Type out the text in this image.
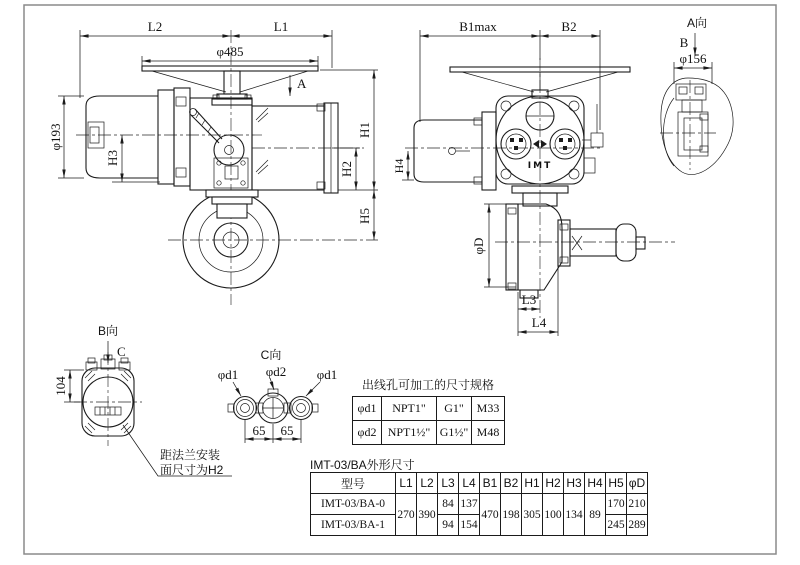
L2	L1
φ485
φ193
H3
H1
H2
H5
A
IMT
B1max	B2
H4
φD
L3
L4
A向
B
φ156
B向
C
104
距法兰安装
面尺寸为H2
C向
φd2
φd1	φd1
65 65
出线孔可加工的尺寸规格
φd1	NPT1"	G1"	M33
φd2	NPT1½"	G1½"	M48
IMT-03/BA外形尺寸
型号	L1	L2	L3	L4	B1	B2	H1	H2	H3	H4	H5	φD
IMT-03/BA-0	270	390	84	137	470	198	305	100	134	89	170	210
IMT-03/BA-1			94	154							245	289
